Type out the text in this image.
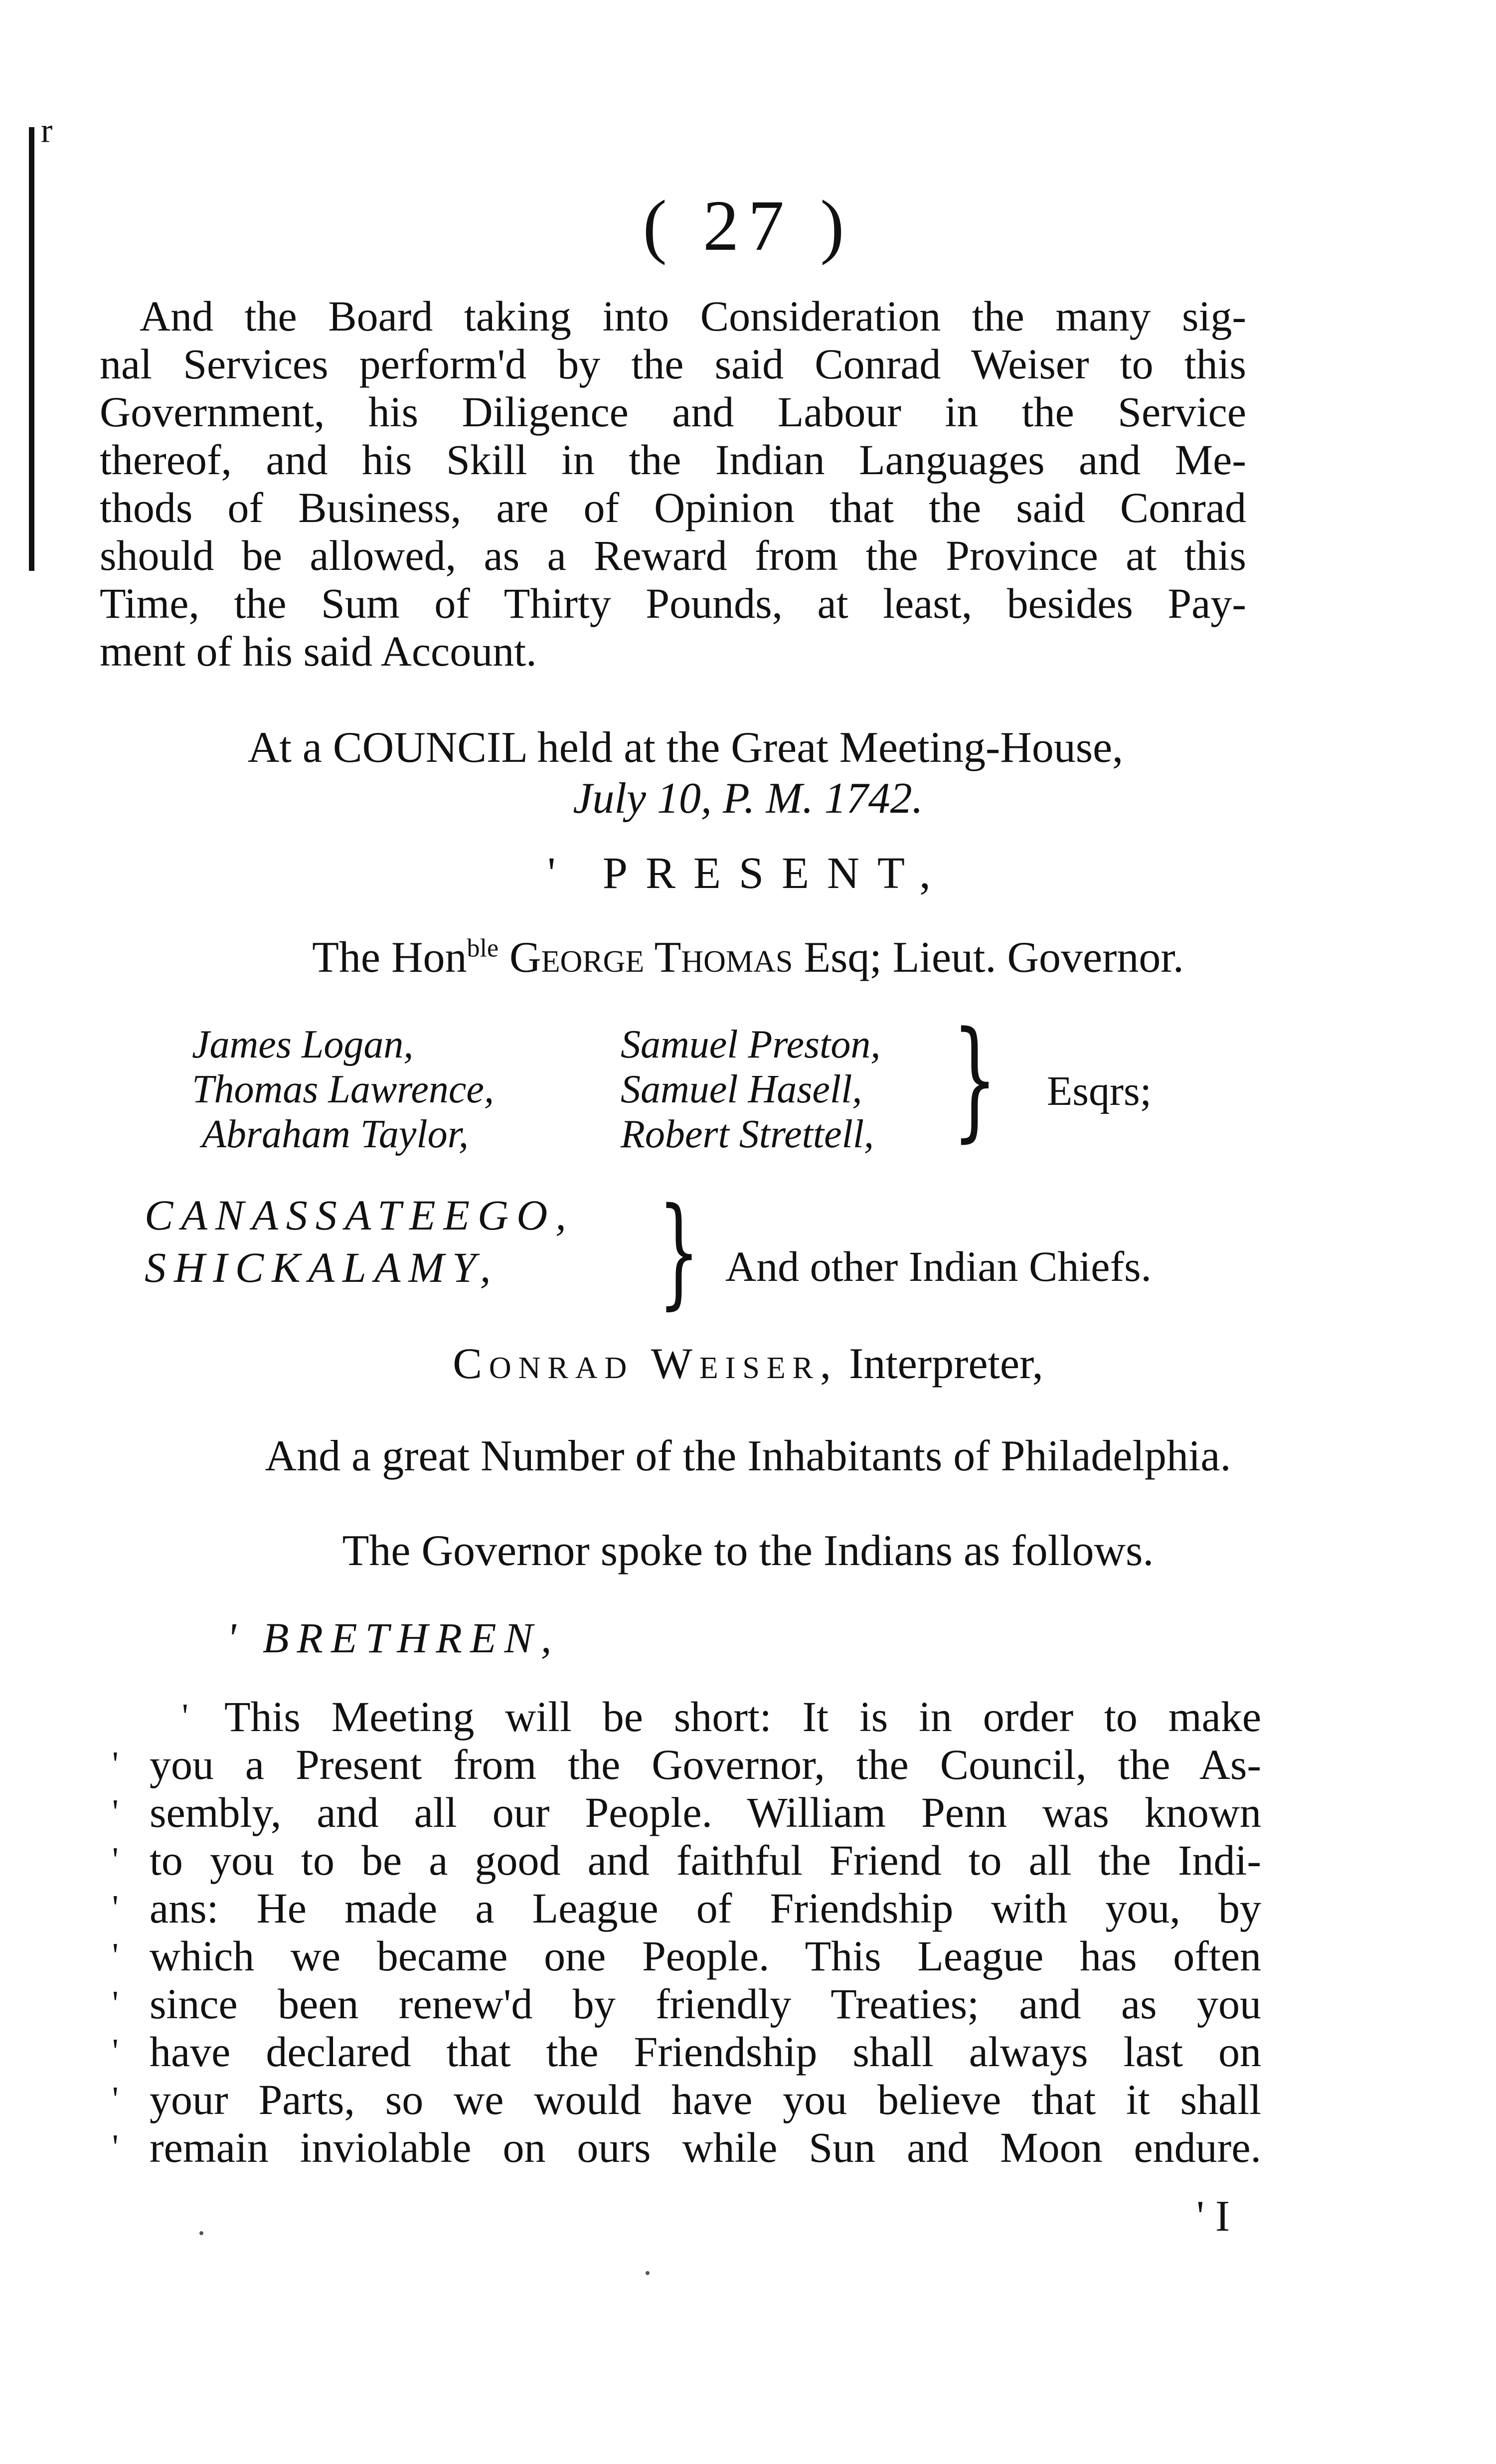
r
( 27 )
And the Board taking into Consideration the many sig-
nal Services perform'd by the said Conrad Weiser to this
Government, his Diligence and Labour in the Service
thereof, and his Skill in the Indian Languages and Me-
thods of Business, are of Opinion that the said Conrad
should be allowed, as a Reward from the Province at this
Time, the Sum of Thirty Pounds, at least, besides Pay-
ment of his said Account.
At a COUNCIL held at the Great Meeting-House,
July 10, P. M. 1742.
' PRESENT,
The Hon$^{ble}$ George Thomas Esq; Lieut. Governor.
James Logan,
Thomas Lawrence,
Abraham Taylor,
Samuel Preston,
Samuel Hasell,
Robert Strettell, } Esqrs;
CANASSATEEGO,
SHICKALAMY,	} And other Indian Chiefs.
Conrad Weiser, Interpreter,
And a great Number of the Inhabitants of Philadelphia.
The Governor spoke to the Indians as follows.
' BRETHREN,
'
'
'
'
'
'
'
'
'
'
This Meeting will be short: It is in order to make
you a Present from the Governor, the Council, the As-
sembly, and all our People. William Penn was known
to you to be a good and faithful Friend to all the Indi-
ans: He made a League of Friendship with you, by
which we became one People. This League has often
since been renew'd by friendly Treaties; and as you
have declared that the Friendship shall always last on
your Parts, so we would have you believe that it shall
remain inviolable on ours while Sun and Moon endure.
' I
